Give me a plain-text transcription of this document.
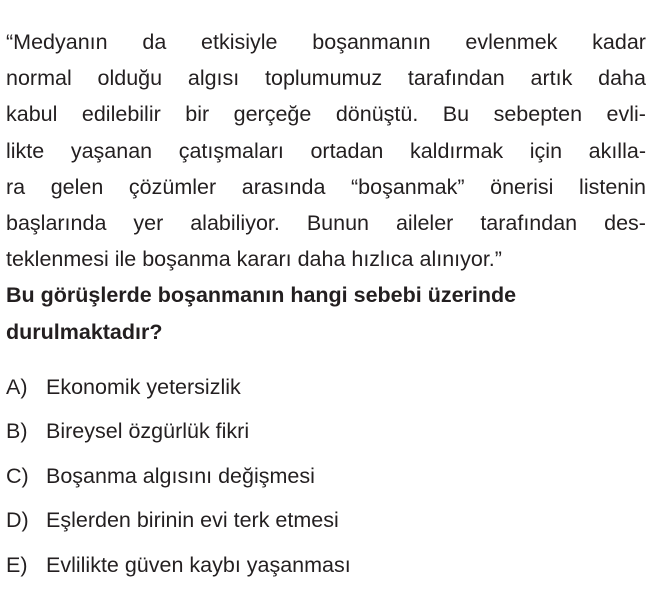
“Medyanın da etkisiyle boşanmanın evlenmek kadar
normal olduğu algısı toplumumuz tarafından artık daha
kabul edilebilir bir gerçeğe dönüştü. Bu sebepten evli-
likte yaşanan çatışmaları ortadan kaldırmak için akılla-
ra gelen çözümler arasında “boşanmak” önerisi listenin
başlarında yer alabiliyor. Bunun aileler tarafından des-
teklenmesi ile boşanma kararı daha hızlıca alınıyor.”
Bu görüşlerde boşanmanın hangi sebebi üzerinde
durulmaktadır?
A) Ekonomik yetersizlik
B) Bireysel özgürlük fikri
C) Boşanma algısını değişmesi
D) Eşlerden birinin evi terk etmesi
E) Evlilikte güven kaybı yaşanması
